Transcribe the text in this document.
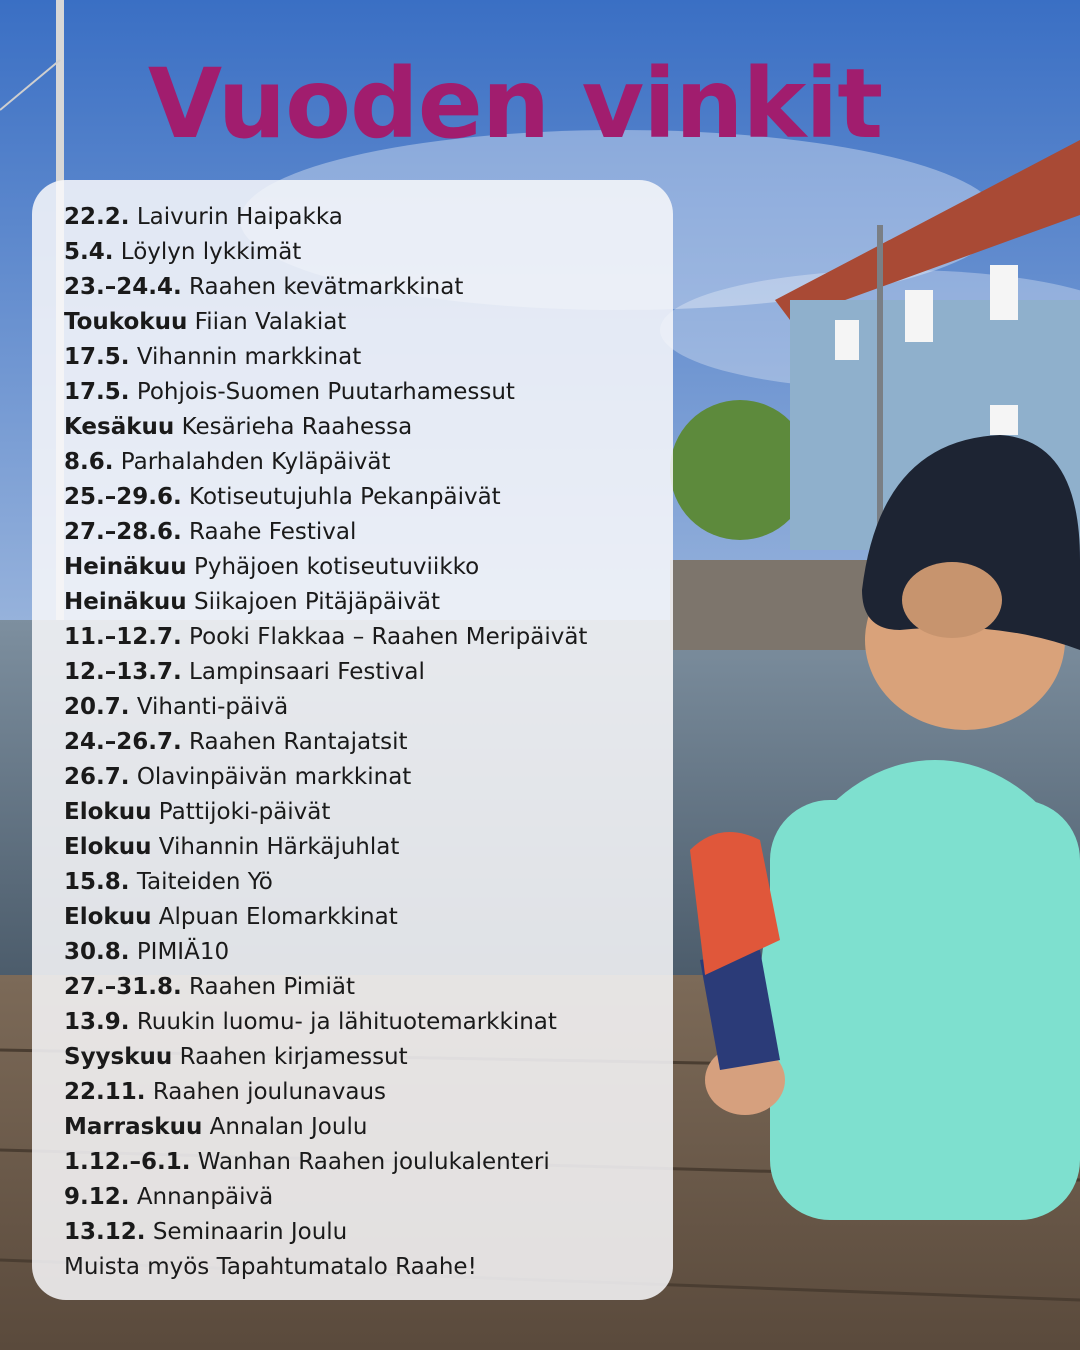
Vuoden vinkit
22.2. Laivurin Haipakka
5.4. Löylyn lykkimät
23.–24.4. Raahen kevätmarkkinat
Toukokuu Fiian Valakiat
17.5. Vihannin markkinat
17.5. Pohjois-Suomen Puutarhamessut
Kesäkuu Kesärieha Raahessa
8.6. Parhalahden Kyläpäivät
25.–29.6. Kotiseutujuhla Pekanpäivät
27.–28.6. Raahe Festival
Heinäkuu Pyhäjoen kotiseutuviikko
Heinäkuu Siikajoen Pitäjäpäivät
11.–12.7. Pooki Flakkaa – Raahen Meripäivät
12.–13.7. Lampinsaari Festival
20.7. Vihanti-päivä
24.–26.7. Raahen Rantajatsit
26.7. Olavinpäivän markkinat
Elokuu Pattijoki-päivät
Elokuu Vihannin Härkäjuhlat
15.8. Taiteiden Yö
Elokuu Alpuan Elomarkkinat
30.8. PIMIÄ10
27.–31.8. Raahen Pimiät
13.9. Ruukin luomu- ja lähituotemarkkinat
Syyskuu Raahen kirjamessut
22.11. Raahen joulunavaus
Marraskuu Annalan Joulu
1.12.–6.1. Wanhan Raahen joulukalenteri
9.12. Annanpäivä
13.12. Seminaarin Joulu

Muista myös Tapahtumatalo Raahe!
